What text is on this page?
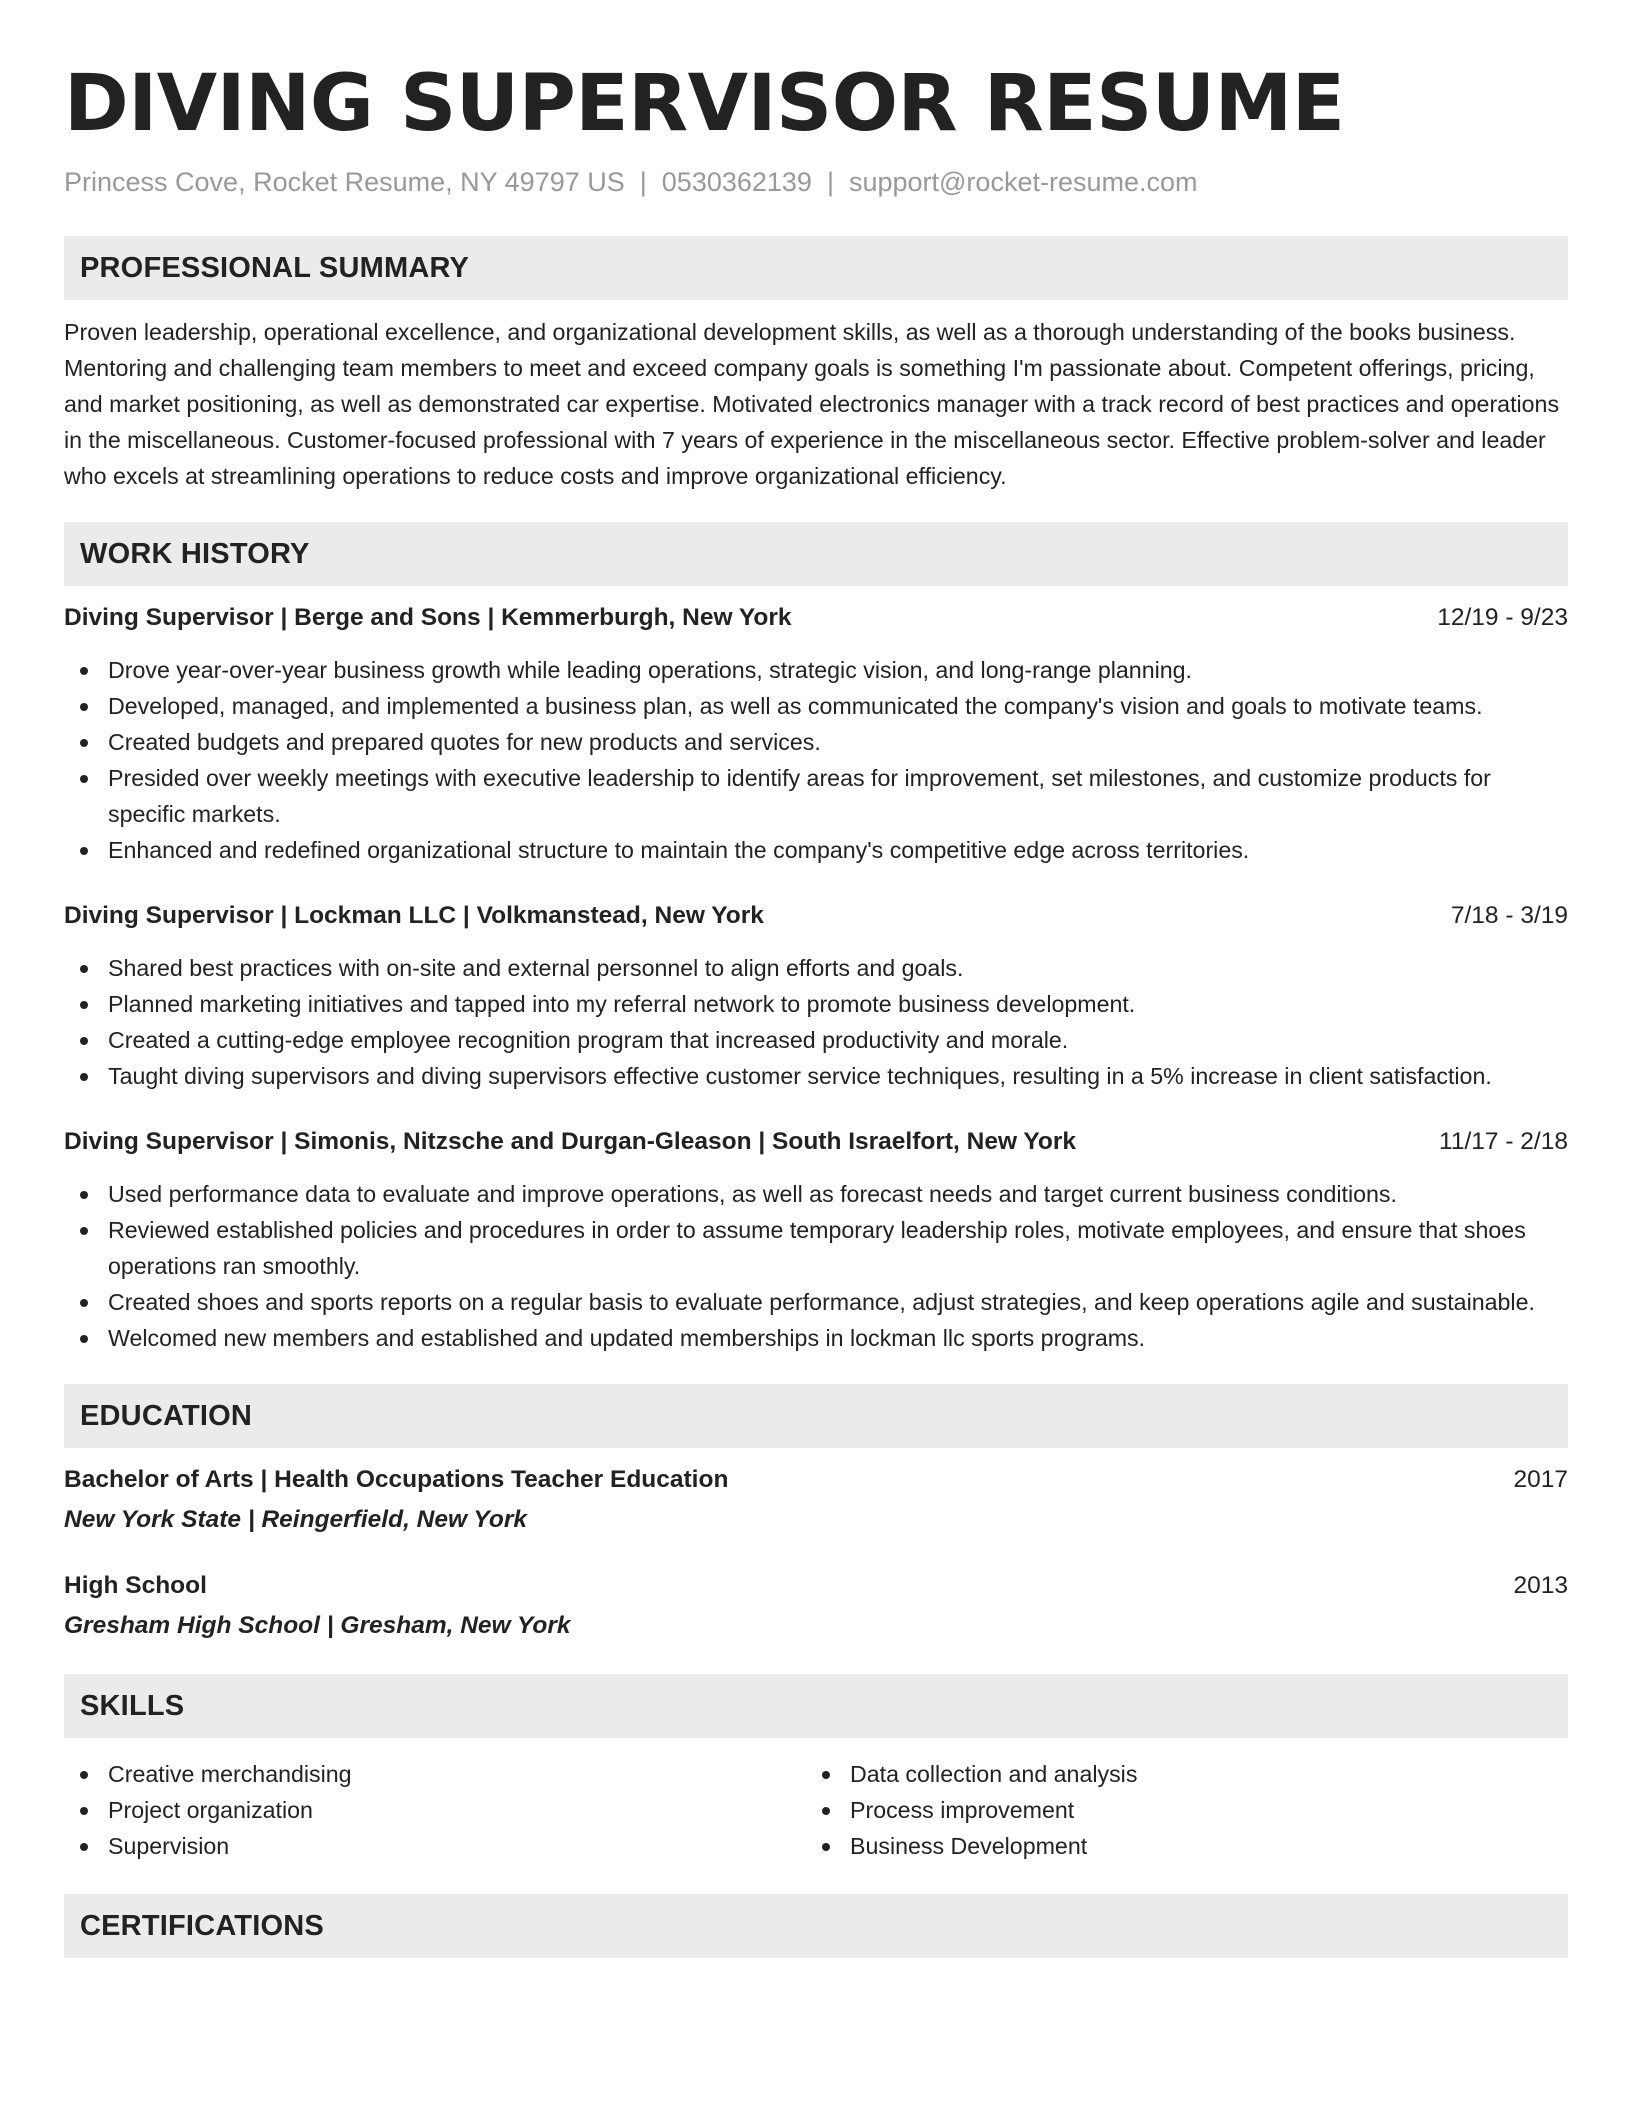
DIVING SUPERVISOR RESUME
Princess Cove, Rocket Resume, NY 49797 US | 0530362139 | support@rocket-resume.com
PROFESSIONAL SUMMARY

Proven leadership, operational excellence, and organizational development skills, as well as a thorough understanding of the books business. Mentoring and challenging team members to meet and exceed company goals is something I'm passionate about. Competent offerings, pricing, and market positioning, as well as demonstrated car expertise. Motivated electronics manager with a track record of best practices and operations in the miscellaneous. Customer-focused professional with 7 years of experience in the miscellaneous sector. Effective problem-solver and leader who excels at streamlining operations to reduce costs and improve organizational efficiency.

WORK HISTORY
Diving Supervisor | Berge and Sons | Kemmerburgh, New York	12/19 - 9/23
Drove year-over-year business growth while leading operations, strategic vision, and long-range planning.
Developed, managed, and implemented a business plan, as well as communicated the company's vision and goals to motivate teams.
Created budgets and prepared quotes for new products and services.
Presided over weekly meetings with executive leadership to identify areas for improvement, set milestones, and customize products for specific markets.
Enhanced and redefined organizational structure to maintain the company's competitive edge across territories.
Diving Supervisor | Lockman LLC | Volkmanstead, New York	7/18 - 3/19
Shared best practices with on-site and external personnel to align efforts and goals.
Planned marketing initiatives and tapped into my referral network to promote business development.
Created a cutting-edge employee recognition program that increased productivity and morale.
Taught diving supervisors and diving supervisors effective customer service techniques, resulting in a 5% increase in client satisfaction.
Diving Supervisor | Simonis, Nitzsche and Durgan-Gleason | South Israelfort, New York	11/17 - 2/18
Used performance data to evaluate and improve operations, as well as forecast needs and target current business conditions.
Reviewed established policies and procedures in order to assume temporary leadership roles, motivate employees, and ensure that shoes operations ran smoothly.
Created shoes and sports reports on a regular basis to evaluate performance, adjust strategies, and keep operations agile and sustainable.
Welcomed new members and established and updated memberships in lockman llc sports programs.
EDUCATION
Bachelor of Arts | Health Occupations Teacher Education	2017
New York State | Reingerfield, New York
High School	2013
Gresham High School | Gresham, New York
SKILLS
Creative merchandising
Project organization
Supervision
Data collection and analysis
Process improvement
Business Development
CERTIFICATIONS
